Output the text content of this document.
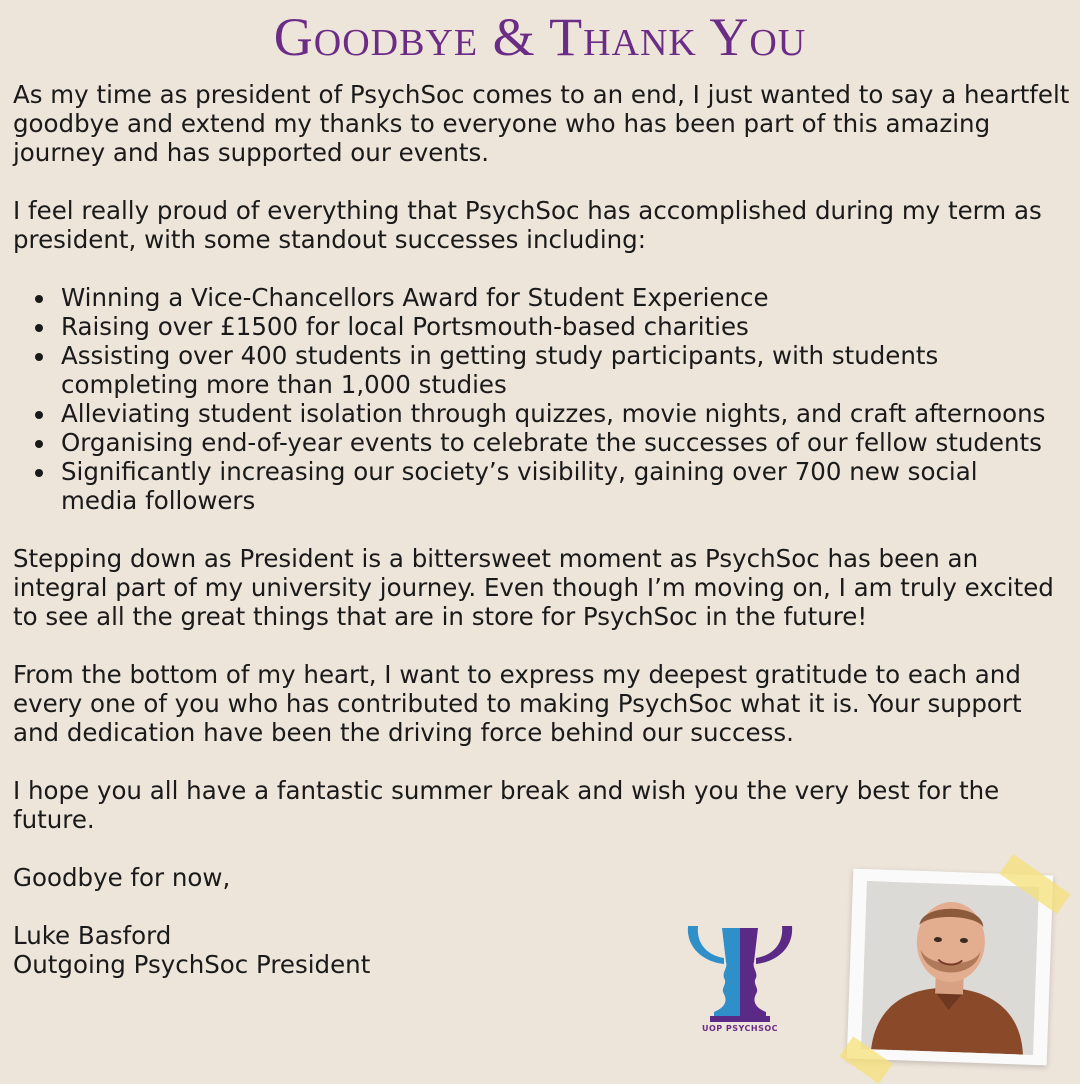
Goodbye & Thank You

As my time as president of PsychSoc comes to an end, I just wanted to say a heartfelt goodbye and extend my thanks to everyone who has been part of this amazing journey and has supported our events.

I feel really proud of everything that PsychSoc has accomplished during my term as president, with some standout successes including:

Winning a Vice-Chancellors Award for Student Experience
Raising over £1500 for local Portsmouth-based charities
Assisting over 400 students in getting study participants, with students completing more than 1,000 studies
Alleviating student isolation through quizzes, movie nights, and craft afternoons
Organising end-of-year events to celebrate the successes of our fellow students
Significantly increasing our society’s visibility, gaining over 700 new social media followers

Stepping down as President is a bittersweet moment as PsychSoc has been an integral part of my university journey. Even though I’m moving on, I am truly excited to see all the great things that are in store for PsychSoc in the future!

From the bottom of my heart, I want to express my deepest gratitude to each and every one of you who has contributed to making PsychSoc what it is. Your support and dedication have been the driving force behind our success.

I hope you all have a fantastic summer break and wish you the very best for the future.

Goodbye for now,

Luke Basford

Outgoing PsychSoc President

UOP PSYCHSOC
